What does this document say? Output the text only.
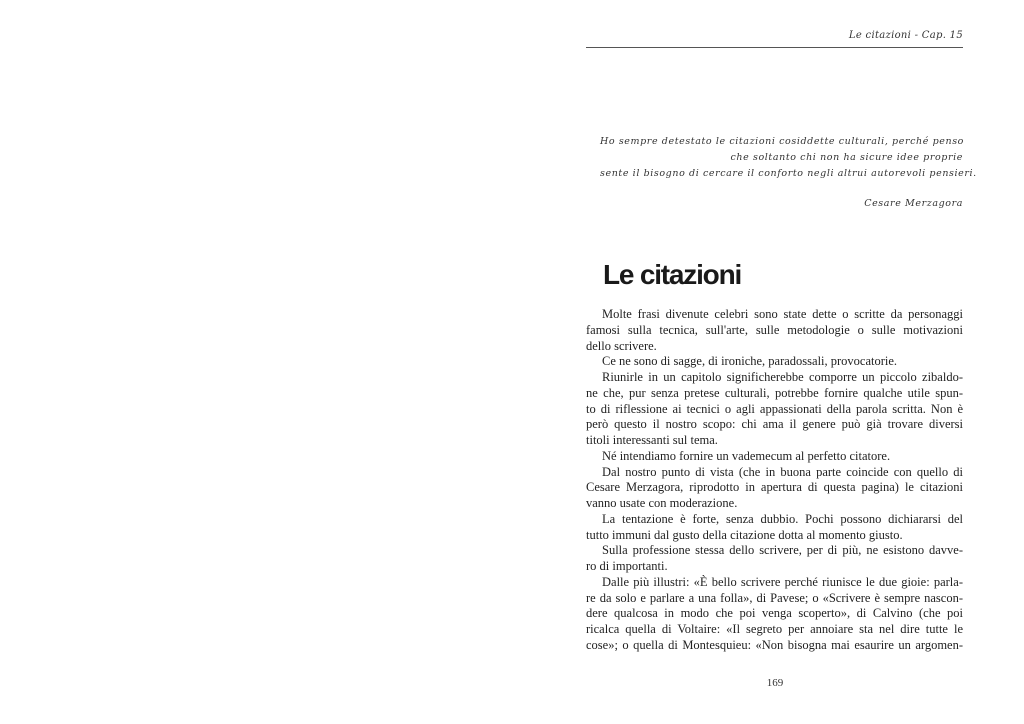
Le citazioni - Cap. 15
Ho sempre detestato le citazioni cosiddette culturali, perché penso
che soltanto chi non ha sicure idee proprie
sente il bisogno di cercare il conforto negli altrui autorevoli pensieri.
Cesare Merzagora
Le citazioni

Molte frasi divenute celebri sono state dette o scritte da personaggi
famosi sulla tecnica, sull'arte, sulle metodologie o sulle motivazioni
dello scrivere.

Ce ne sono di sagge, di ironiche, paradossali, provocatorie.

Riunirle in un capitolo significherebbe comporre un piccolo zibaldo-
ne che, pur senza pretese culturali, potrebbe fornire qualche utile spun-
to di riflessione ai tecnici o agli appassionati della parola scritta. Non è
però questo il nostro scopo: chi ama il genere può già trovare diversi
titoli interessanti sul tema.

Né intendiamo fornire un vademecum al perfetto citatore.

Dal nostro punto di vista (che in buona parte coincide con quello di
Cesare Merzagora, riprodotto in apertura di questa pagina) le citazioni
vanno usate con moderazione.

La tentazione è forte, senza dubbio. Pochi possono dichiararsi del
tutto immuni dal gusto della citazione dotta al momento giusto.

Sulla professione stessa dello scrivere, per di più, ne esistono davve-
ro di importanti.

Dalle più illustri: «È bello scrivere perché riunisce le due gioie: parla-
re da solo e parlare a una folla», di Pavese; o «Scrivere è sempre nascon-
dere qualcosa in modo che poi venga scoperto», di Calvino (che poi
ricalca quella di Voltaire: «Il segreto per annoiare sta nel dire tutte le
cose»; o quella di Montesquieu: «Non bisogna mai esaurire un argomen-

169
